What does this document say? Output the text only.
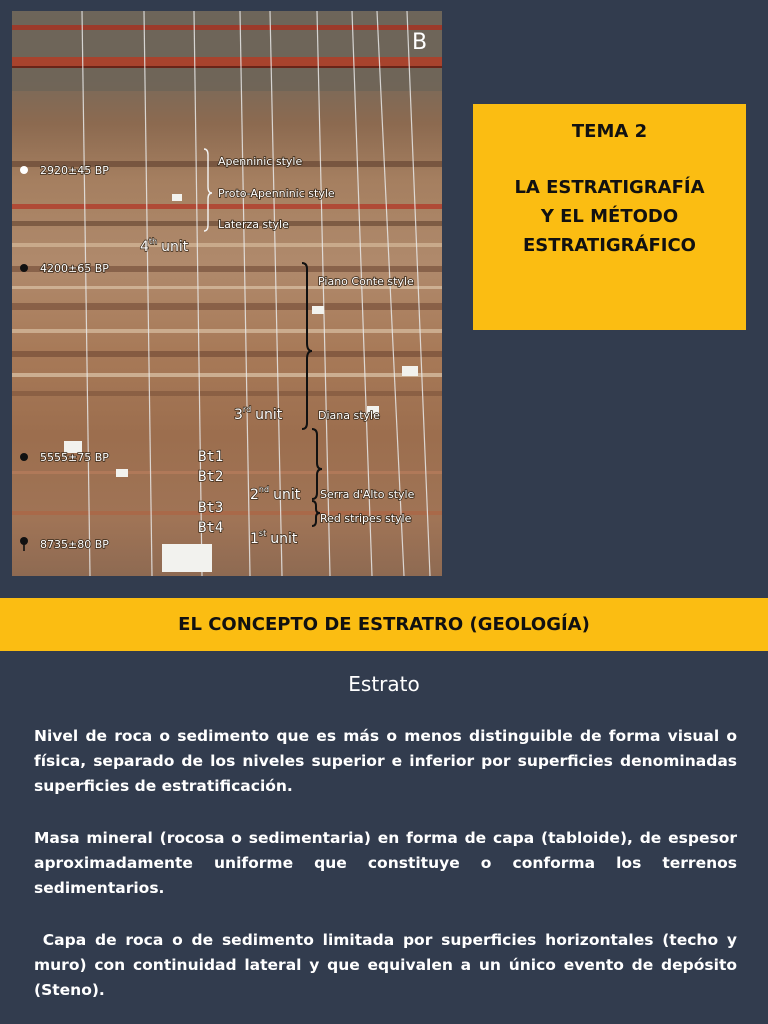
B
2920±45 BP
4200±65 BP
5555±75 BP
8735±80 BP
Apenninic style
Proto-Apenninic style
Laterza style
Piano Conte style
Diana style
Serra d'Alto style
Red stripes style
4th unit
3rd unit
2nd unit
1st unit
Bt1
Bt2
Bt3
Bt4
TEMA 2
LA ESTRATIGRAFÍA
Y EL MÉTODO
ESTRATIGRÁFICO
EL CONCEPTO DE ESTRATRO (GEOLOGÍA)
Estrato
Nivel de roca o sedimento que es más o menos distinguible de forma visual o física, separado de los niveles superior e inferior por superficies denominadas superficies de estratificación.
Masa mineral (rocosa o sedimentaria) en forma de capa (tabloide), de espesor aproximadamente uniforme que constituye o conforma los terrenos sedimentarios.
Capa de roca o de sedimento limitada por superficies horizontales (techo y muro) con continuidad lateral y que equivalen a un único evento de depósito (Steno).
